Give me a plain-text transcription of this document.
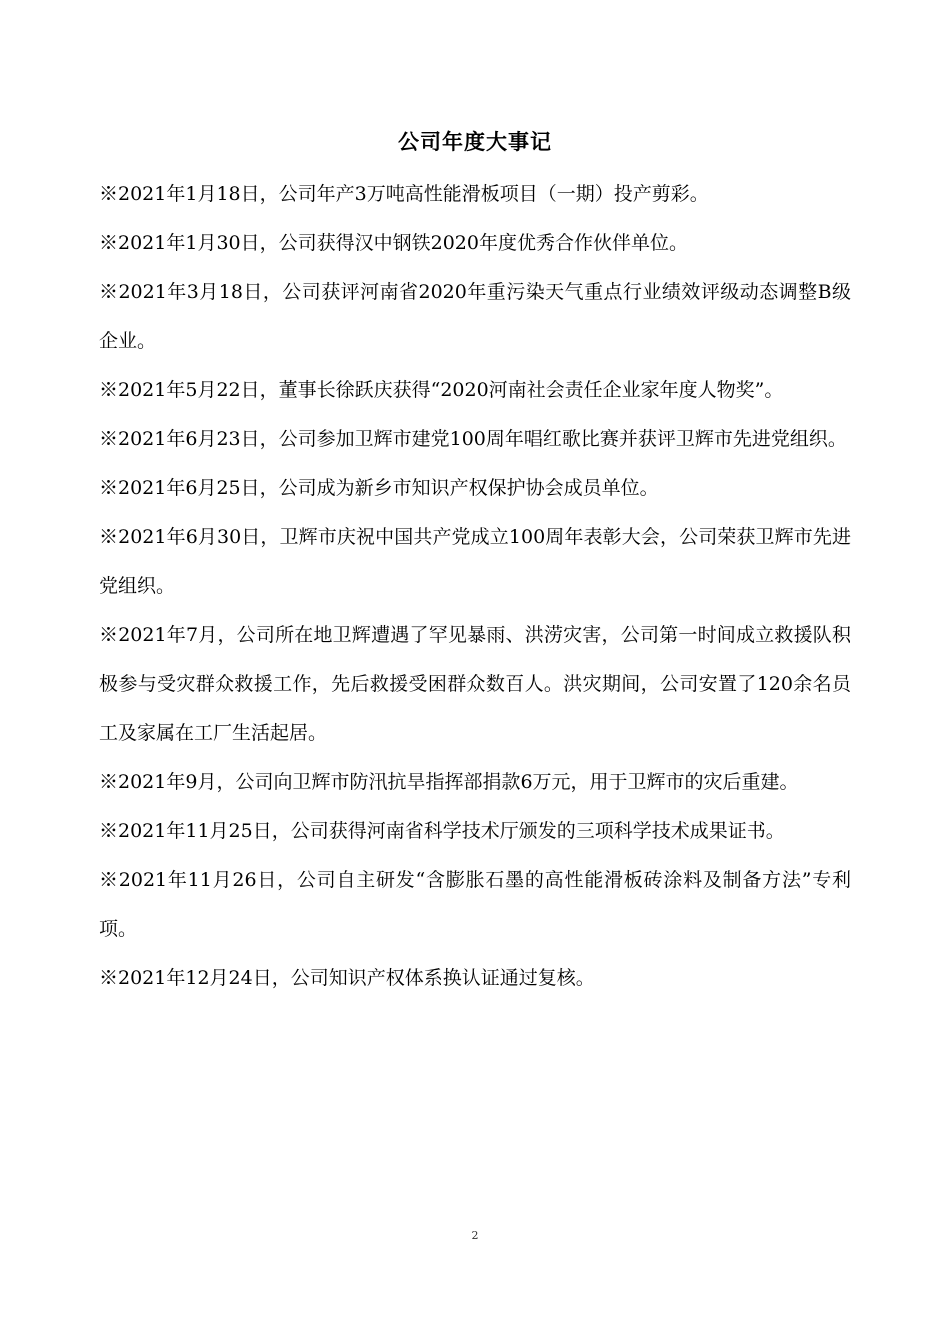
公司年度大事记

※2021年1月18日，公司年产3万吨高性能滑板项目（一期）投产剪彩。

※2021年1月30日，公司获得汉中钢铁2020年度优秀合作伙伴单位。

※2021年3月18日，公司获评河南省2020年重污染天气重点行业绩效评级动态调整B级企业。

※2021年5月22日，董事长徐跃庆获得“2020河南社会责任企业家年度人物奖”。

※2021年6月23日，公司参加卫辉市建党100周年唱红歌比赛并获评卫辉市先进党组织。

※2021年6月25日，公司成为新乡市知识产权保护协会成员单位。

※2021年6月30日，卫辉市庆祝中国共产党成立100周年表彰大会，公司荣获卫辉市先进党组织。

※2021年7月，公司所在地卫辉遭遇了罕见暴雨、洪涝灾害，公司第一时间成立救援队积极参与受灾群众救援工作，先后救援受困群众数百人。洪灾期间，公司安置了120余名员工及家属在工厂生活起居。

※2021年9月，公司向卫辉市防汛抗旱指挥部捐款6万元，用于卫辉市的灾后重建。

※2021年11月25日，公司获得河南省科学技术厅颁发的三项科学技术成果证书。

※2021年11月26日，公司自主研发“含膨胀石墨的高性能滑板砖涂料及制备方法”专利项。

※2021年12月24日，公司知识产权体系换认证通过复核。

2
